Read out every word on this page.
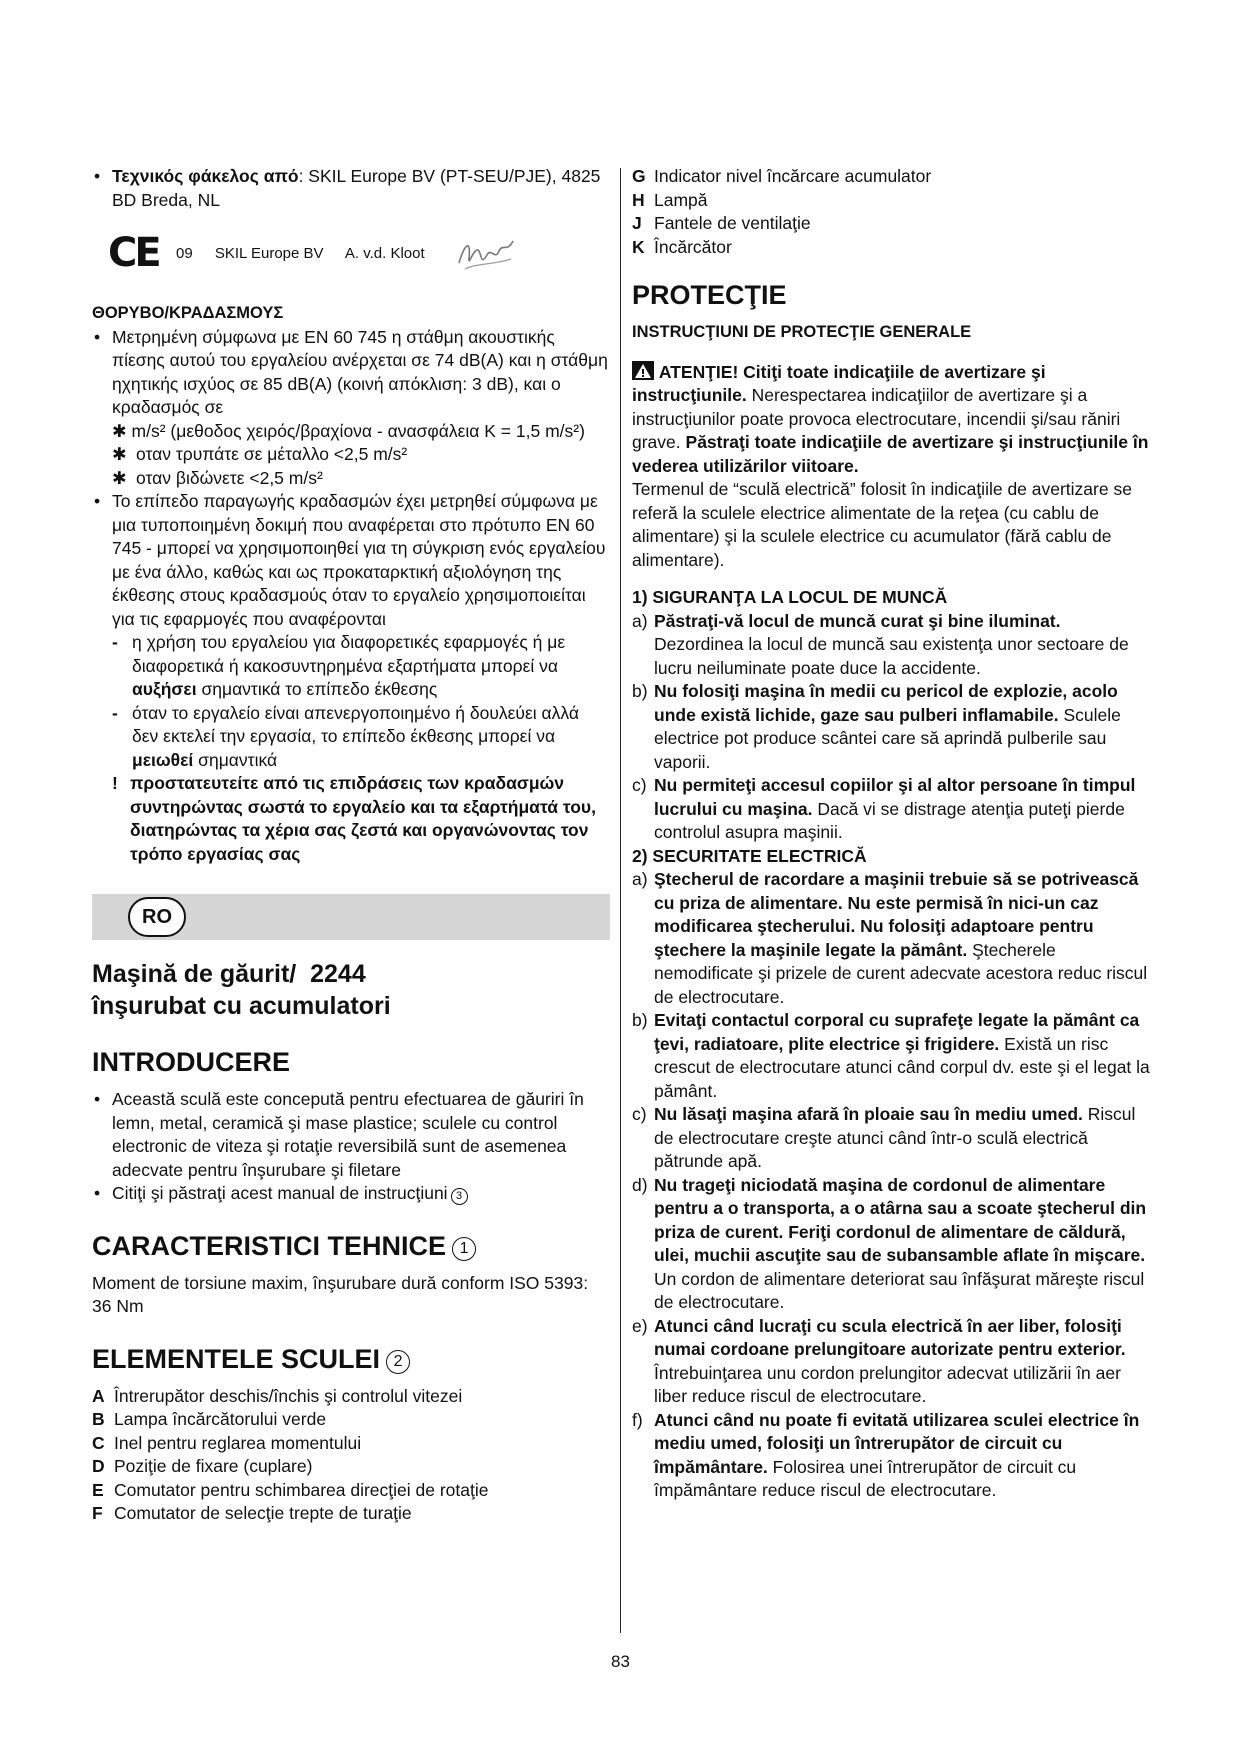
• Τεχνικός φάκελος από: SKIL Europe BV (PT-SEU/PJE), 4825 BD Breda, NL

CE	09 SKIL Europe BV A. v.d. Kloot

ΘΟΡΥΒΟ/ΚΡΑΔΑΣΜΟΥΣ

• Μετρημένη σύμφωνα με EN 60 745 η στάθμη ακουστικής πίεσης αυτού του εργαλείου ανέρχεται σε 74 dB(A) και η στάθμη ηχητικής ισχύος σε 85 dB(A) (κοινή απόκλιση: 3 dB), και ο κραδασμός σε
✱ m/s² (μεθοδος χειρός/βραχίονα - ανασφάλεια K = 1,5 m/s²)

✱ οταν τρυπάτε σε μέταλλο <2,5 m/s²

✱ οταν βιδώνετε <2,5 m/s²

• Το επίπεδο παραγωγής κραδασμών έχει μετρηθεί σύμφωνα με μια τυποποιημένη δοκιμή που αναφέρεται στο πρότυπο EN 60 745 - μπορεί να χρησιμοποιηθεί για τη σύγκριση ενός εργαλείου με ένα άλλο, καθώς και ως προκαταρκτική αξιολόγηση της έκθεσης στους κραδασμούς όταν το εργαλείο χρησιμοποιείται για τις εφαρμογές που αναφέρονται

- η χρήση του εργαλείου για διαφορετικές εφαρμογές ή με διαφορετικά ή κακοσυντηρημένα εξαρτήματα μπορεί να αυξήσει σημαντικά το επίπεδο έκθεσης

- όταν το εργαλείο είναι απενεργοποιημένο ή δουλεύει αλλά δεν εκτελεί την εργασία, το επίπεδο έκθεσης μπορεί να μειωθεί σημαντικά

! προστατευτείτε από τις επιδράσεις των κραδασμών συντηρώντας σωστά το εργαλείο και τα εξαρτήματά του, διατηρώντας τα χέρια σας ζεστά και οργανώνοντας τον τρόπο εργασίας σας

RO
Maşină de găurit/ 2244
înşurubat cu acumulatori
INTRODUCERE

• Această sculă este concepută pentru efectuarea de găuriri în lemn, metal, ceramică şi mase plastice; sculele cu control electronic de viteza şi rotaţie reversibilă sunt de asemenea adecvate pentru înşurubare şi filetare

• Citiţi şi păstraţi acest manual de instrucţiuni 3

CARACTERISTICI TEHNICE 1

Moment de torsiune maxim, înşurubare dură conform ISO 5393: 36 Nm

ELEMENTELE SCULEI 2

A Întrerupător deschis/închis şi controlul vitezei

B Lampa încărcătorului verde

C Inel pentru reglarea momentului

D Poziţie de fixare (cuplare)

E Comutator pentru schimbarea direcţiei de rotaţie

F Comutator de selecţie trepte de turaţie

G Indicator nivel încărcare acumulator

H Lampă

J Fantele de ventilaţie

K Încărcător

PROTECŢIE

INSTRUCŢIUNI DE PROTECŢIE GENERALE

ATENŢIE! Citiţi toate indicaţiile de avertizare şi instrucţiunile. Nerespectarea indicaţiilor de avertizare şi a instrucţiunilor poate provoca electrocutare, incendii şi/sau răniri grave. Păstraţi toate indicaţiile de avertizare şi instrucţiunile în vederea utilizărilor viitoare.

Termenul de “sculă electrică” folosit în indicaţiile de avertizare se referă la sculele electrice alimentate de la reţea (cu cablu de alimentare) şi la sculele electrice cu acumulator (fără cablu de alimentare).

1) SIGURANŢA LA LOCUL DE MUNCĂ

a) Păstraţi-vă locul de muncă curat şi bine iluminat. Dezordinea la locul de muncă sau existenţa unor sectoare de lucru neiluminate poate duce la accidente.

b) Nu folosiţi maşina în medii cu pericol de explozie, acolo unde există lichide, gaze sau pulberi inflamabile. Sculele electrice pot produce scântei care să aprindă pulberile sau vaporii.

c) Nu permiteţi accesul copiilor şi al altor persoane în timpul lucrului cu maşina. Dacă vi se distrage atenţia puteţi pierde controlul asupra maşinii.

2) SECURITATE ELECTRICĂ

a) Ştecherul de racordare a maşinii trebuie să se potrivească cu priza de alimentare. Nu este permisă în nici-un caz modificarea ştecherului. Nu folosiţi adaptoare pentru ştechere la maşinile legate la pământ. Ştecherele nemodificate şi prizele de curent adecvate acestora reduc riscul de electrocutare.

b) Evitaţi contactul corporal cu suprafeţe legate la pământ ca ţevi, radiatoare, plite electrice şi frigidere. Există un risc crescut de electrocutare atunci când corpul dv. este şi el legat la pământ.

c) Nu lăsaţi maşina afară în ploaie sau în mediu umed. Riscul de electrocutare creşte atunci când într-o sculă electrică pătrunde apă.

d) Nu trageţi niciodată maşina de cordonul de alimentare pentru a o transporta, a o atârna sau a scoate ştecherul din priza de curent. Feriţi cordonul de alimentare de căldură, ulei, muchii ascuţite sau de subansamble aflate în mişcare. Un cordon de alimentare deteriorat sau înfăşurat măreşte riscul de electrocutare.

e) Atunci când lucraţi cu scula electrică în aer liber, folosiţi numai cordoane prelungitoare autorizate pentru exterior. Întrebuinţarea unu cordon prelungitor adecvat utilizării în aer liber reduce riscul de electrocutare.

f) Atunci când nu poate fi evitată utilizarea sculei electrice în mediu umed, folosiţi un întrerupător de circuit cu împământare. Folosirea unei întrerupător de circuit cu împământare reduce riscul de electrocutare.

83
